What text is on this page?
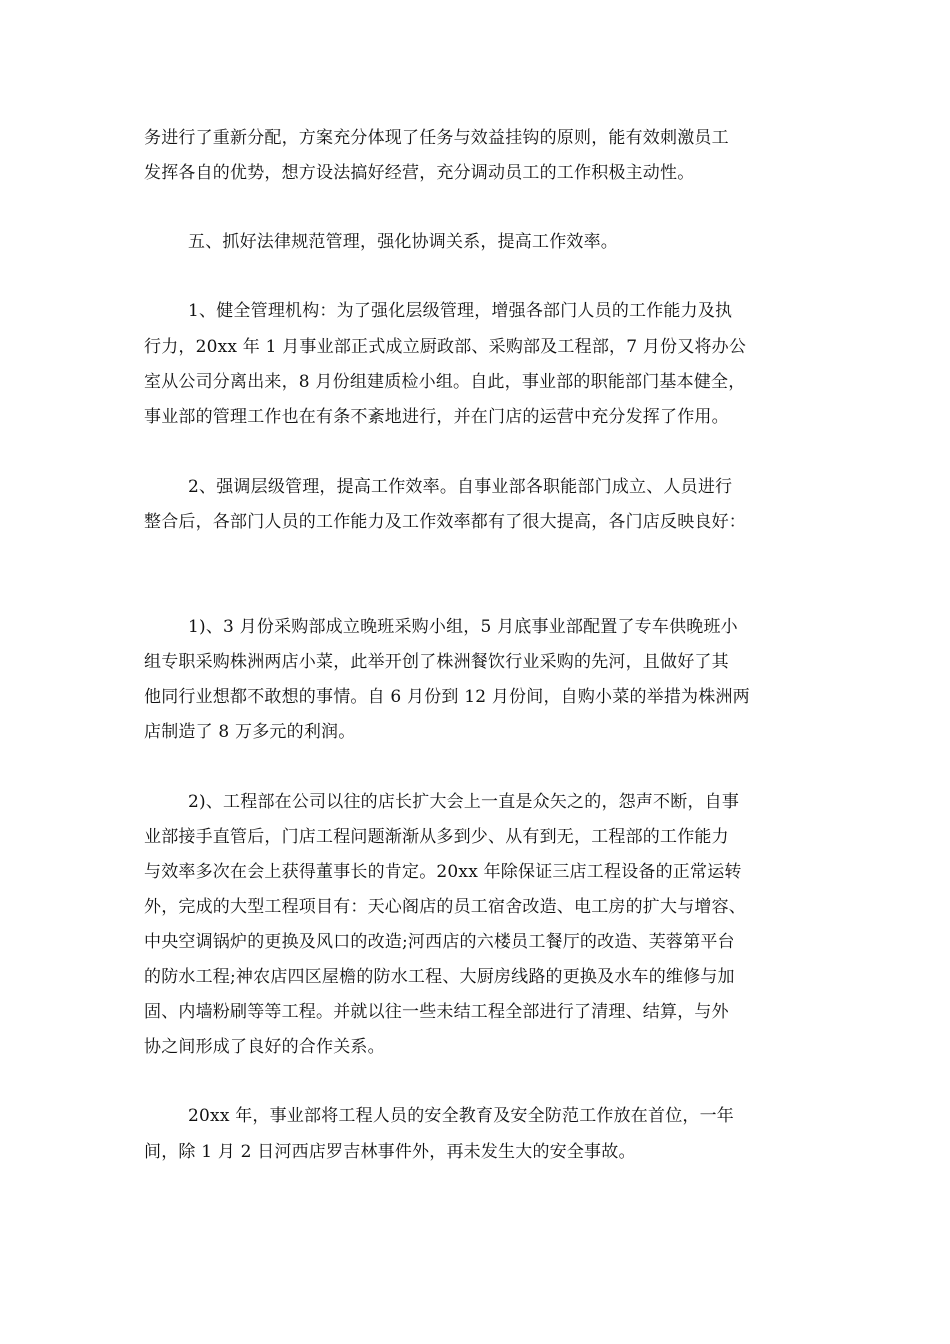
务进行了重新分配，方案充分体现了任务与效益挂钩的原则，能有效刺激员工
发挥各自的优势，想方设法搞好经营，充分调动员工的工作积极主动性。
五、抓好法律规范管理，强化协调关系，提高工作效率。
1、健全管理机构：为了强化层级管理，增强各部门人员的工作能力及执
行力，20xx 年 1 月事业部正式成立厨政部、采购部及工程部，7 月份又将办公
室从公司分离出来，8 月份组建质检小组。自此，事业部的职能部门基本健全，
事业部的管理工作也在有条不紊地进行，并在门店的运营中充分发挥了作用。
2、强调层级管理，提高工作效率。自事业部各职能部门成立、人员进行
整合后，各部门人员的工作能力及工作效率都有了很大提高，各门店反映良好：
1)、3 月份采购部成立晚班采购小组，5 月底事业部配置了专车供晚班小
组专职采购株洲两店小菜，此举开创了株洲餐饮行业采购的先河，且做好了其
他同行业想都不敢想的事情。自 6 月份到 12 月份间，自购小菜的举措为株洲两
店制造了 8 万多元的利润。
2)、工程部在公司以往的店长扩大会上一直是众矢之的，怨声不断，自事
业部接手直管后，门店工程问题渐渐从多到少、从有到无，工程部的工作能力
与效率多次在会上获得董事长的肯定。20xx 年除保证三店工程设备的正常运转
外，完成的大型工程项目有：天心阁店的员工宿舍改造、电工房的扩大与增容、
中央空调锅炉的更换及风口的改造;河西店的六楼员工餐厅的改造、芙蓉第平台
的防水工程;神农店四区屋檐的防水工程、大厨房线路的更换及水车的维修与加
固、内墙粉刷等等工程。并就以往一些未结工程全部进行了清理、结算，与外
协之间形成了良好的合作关系。
20xx 年，事业部将工程人员的安全教育及安全防范工作放在首位，一年
间，除 1 月 2 日河西店罗吉林事件外，再未发生大的安全事故。
